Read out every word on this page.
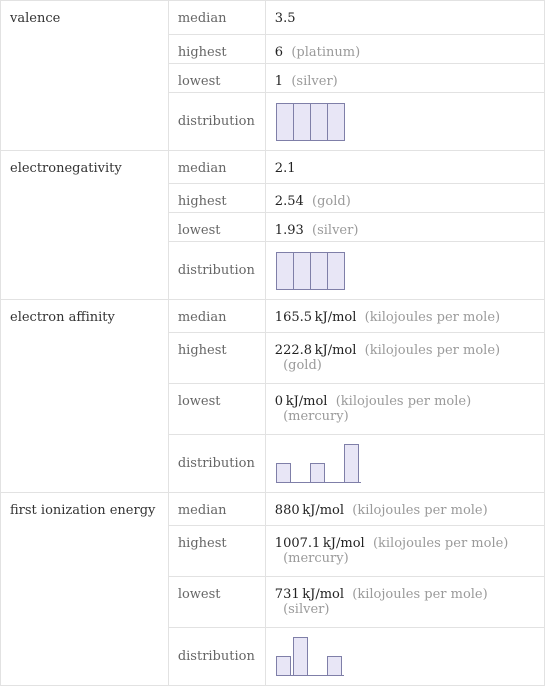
valence	median	3.5
	highest	6 (platinum)
	lowest	1 (silver)
	distribution	

electronegativity	median	2.1
	highest	2.54 (gold)
	lowest	1.93 (silver)
	distribution	

electron affinity	median	165.5  kJ/mol (kilojoules per mole)
	highest	222.8  kJ/mol (kilojoules per mole)
(gold)
	lowest	0  kJ/mol (kilojoules per mole)
(mercury)
	distribution	

first ionization energy	median	880  kJ/mol (kilojoules per mole)
	highest	1007.1  kJ/mol (kilojoules per mole)
(mercury)
	lowest	731  kJ/mol (kilojoules per mole)
(silver)
	distribution	
